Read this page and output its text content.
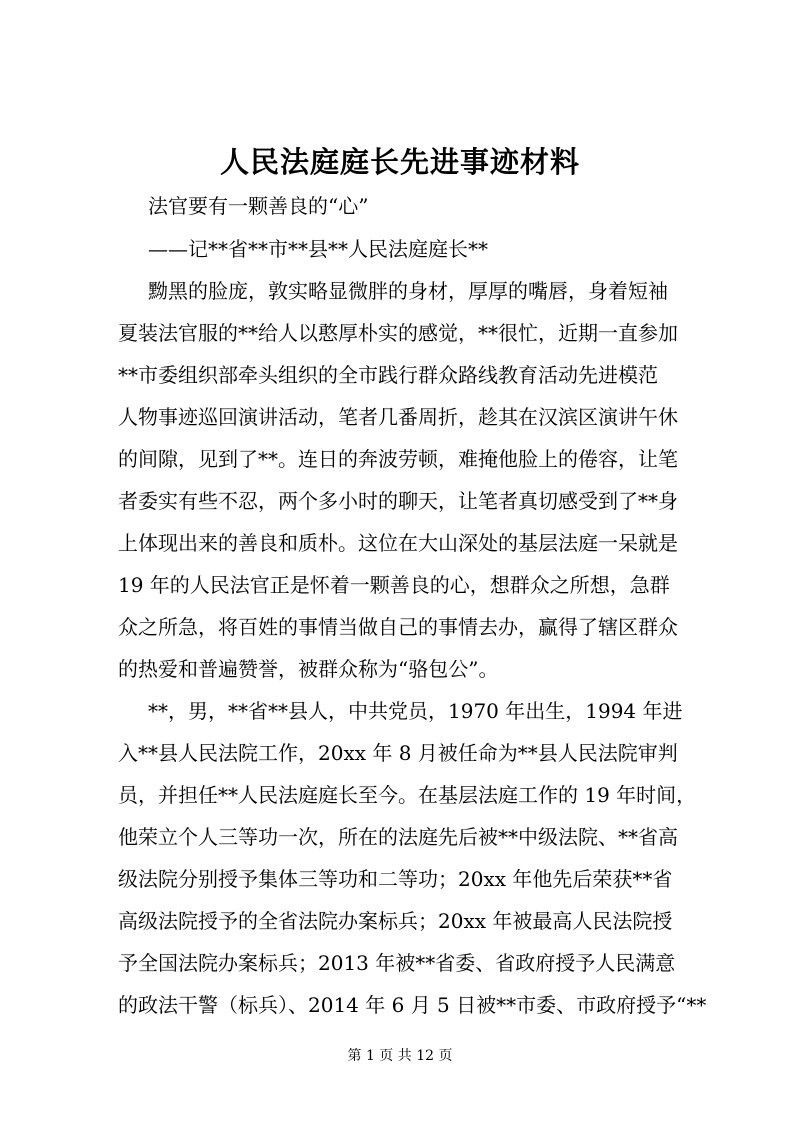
人民法庭庭长先进事迹材料
法官要有一颗善良的“心”
——记**省**市**县**人民法庭庭长**
黝黑的脸庞，敦实略显微胖的身材，厚厚的嘴唇，身着短袖
夏装法官服的**给人以憨厚朴实的感觉，**很忙，近期一直参加
**市委组织部牵头组织的全市践行群众路线教育活动先进模范
人物事迹巡回演讲活动，笔者几番周折，趁其在汉滨区演讲午休
的间隙，见到了**。连日的奔波劳顿，难掩他脸上的倦容，让笔
者委实有些不忍，两个多小时的聊天，让笔者真切感受到了**身
上体现出来的善良和质朴。这位在大山深处的基层法庭一呆就是
19 年的人民法官正是怀着一颗善良的心，想群众之所想，急群
众之所急，将百姓的事情当做自己的事情去办，赢得了辖区群众
的热爱和普遍赞誉，被群众称为“骆包公”。
**，男，**省**县人，中共党员，1970 年出生，1994 年进
入**县人民法院工作，20xx 年 8 月被任命为**县人民法院审判
员，并担任**人民法庭庭长至今。在基层法庭工作的 19 年时间，
他荣立个人三等功一次，所在的法庭先后被**中级法院、**省高
级法院分别授予集体三等功和二等功；20xx 年他先后荣获**省
高级法院授予的全省法院办案标兵；20xx 年被最高人民法院授
予全国法院办案标兵；2013 年被**省委、省政府授予人民满意
的政法干警（标兵）、2014 年 6 月 5 日被**市委、市政府授予“**
第 1 页 共 12 页
